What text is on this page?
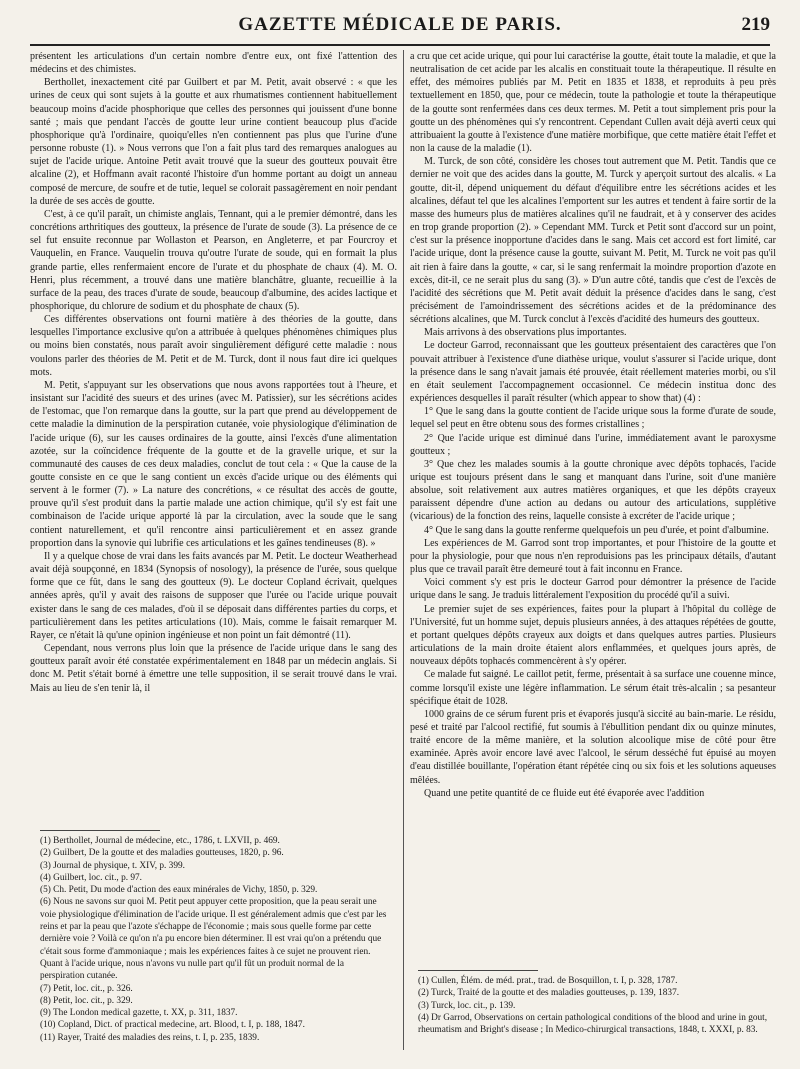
GAZETTE MÉDICALE DE PARIS.	219

présentent les articulations d'un certain nombre d'entre eux, ont fixé l'attention des médecins et des chimistes.

Berthollet, inexactement cité par Guilbert et par M. Petit, avait observé : « que les urines de ceux qui sont sujets à la goutte et aux rhumatismes contiennent habituellement beaucoup moins d'acide phosphorique que celles des personnes qui jouissent d'une bonne santé ; mais que pendant l'accès de goutte leur urine contient beaucoup plus d'acide phosphorique qu'à l'ordinaire, quoiqu'elles n'en contiennent pas plus que l'urine d'une personne robuste (1). » Nous verrons que l'on a fait plus tard des remarques analogues au sujet de l'acide urique. Antoine Petit avait trouvé que la sueur des goutteux pouvait être alcaline (2), et Hoffmann avait raconté l'histoire d'un homme portant au doigt un anneau composé de mercure, de soufre et de tutie, lequel se colorait passagèrement en noir pendant la durée de ses accès de goutte.

C'est, à ce qu'il paraît, un chimiste anglais, Tennant, qui a le premier démontré, dans les concrétions arthritiques des goutteux, la présence de l'urate de soude (3). La présence de ce sel fut ensuite reconnue par Wollaston et Pearson, en Angleterre, et par Fourcroy et Vauquelin, en France. Vauquelin trouva qu'outre l'urate de soude, qui en formait la plus grande partie, elles renfermaient encore de l'urate et du phosphate de chaux (4). M. O. Henri, plus récemment, a trouvé dans une matière blanchâtre, gluante, recueillie à la surface de la peau, des traces d'urate de soude, beaucoup d'albumine, des acides lactique et phosphorique, du chlorure de sodium et du phosphate de chaux (5).

Ces différentes observations ont fourni matière à des théories de la goutte, dans lesquelles l'importance exclusive qu'on a attribuée à quelques phénomènes chimiques plus ou moins bien constatés, nous paraît avoir singulièrement défiguré cette maladie : nous voulons parler des théories de M. Petit et de M. Turck, dont il nous faut dire ici quelques mots.

M. Petit, s'appuyant sur les observations que nous avons rapportées tout à l'heure, et insistant sur l'acidité des sueurs et des urines (avec M. Patissier), sur les sécrétions acides de l'estomac, que l'on remarque dans la goutte, sur la part que prend au développement de cette maladie la diminution de la perspiration cutanée, voie physiologique d'élimination de l'acide urique (6), sur les causes ordinaires de la goutte, ainsi l'excès d'une alimentation azotée, sur la coïncidence fréquente de la goutte et de la gravelle urique, et sur la communauté des causes de ces deux maladies, conclut de tout cela : « Que la cause de la goutte consiste en ce que le sang contient un excès d'acide urique ou des éléments qui servent à le former (7). » La nature des concrétions, « ce résultat des accès de goutte, prouve qu'il s'est produit dans la partie malade une action chimique, qu'il s'y est fait une combinaison de l'acide urique apporté là par la circulation, avec la soude que le sang contient naturellement, et qu'il rencontre ainsi particulièrement et en assez grande proportion dans la synovie qui lubrifie ces articulations et les gaînes tendineuses (8). »

Il y a quelque chose de vrai dans les faits avancés par M. Petit. Le docteur Weatherhead avait déjà soupçonné, en 1834 (Synopsis of nosology), la présence de l'urée, sous quelque forme que ce fût, dans le sang des goutteux (9). Le docteur Copland écrivait, quelques années après, qu'il y avait des raisons de supposer que l'urée ou l'acide urique pouvait exister dans le sang de ces malades, d'où il se déposait dans différentes parties du corps, et particulièrement dans les petites articulations (10). Mais, comme le faisait remarquer M. Rayer, ce n'était là qu'une opinion ingénieuse et non point un fait démontré (11).

Cependant, nous verrons plus loin que la présence de l'acide urique dans le sang des goutteux paraît avoir été constatée expérimentalement en 1848 par un médecin anglais. Si donc M. Petit s'était borné à émettre une telle supposition, il se serait trouvé dans le vrai. Mais au lieu de s'en tenir là, il

a cru que cet acide urique, qui pour lui caractérise la goutte, était toute la maladie, et que la neutralisation de cet acide par les alcalis en constituait toute la thérapeutique. Il résulte en effet, des mémoires publiés par M. Petit en 1835 et 1838, et reproduits à peu près textuellement en 1850, que, pour ce médecin, toute la pathologie et toute la thérapeutique de la goutte sont renfermées dans ces deux termes. M. Petit a tout simplement pris pour la goutte un des phénomènes qui s'y rencontrent. Cependant Cullen avait déjà averti ceux qui attribuaient la goutte à l'existence d'une matière morbifique, que cette matière était l'effet et non la cause de la maladie (1).

M. Turck, de son côté, considère les choses tout autrement que M. Petit. Tandis que ce dernier ne voit que des acides dans la goutte, M. Turck y aperçoit surtout des alcalis. « La goutte, dit-il, dépend uniquement du défaut d'équilibre entre les sécrétions acides et les alcalines, défaut tel que les alcalines l'emportent sur les autres et tendent à faire sortir de la masse des humeurs plus de matières alcalines qu'il ne faudrait, et à y conserver des acides en trop grande proportion (2). » Cependant MM. Turck et Petit sont d'accord sur un point, c'est sur la présence inopportune d'acides dans le sang. Mais cet accord est fort limité, car l'acide urique, dont la présence cause la goutte, suivant M. Petit, M. Turck ne voit pas qu'il ait rien à faire dans la goutte, « car, si le sang renfermait la moindre proportion d'azote en excès, dit-il, ce ne serait plus du sang (3). » D'un autre côté, tandis que c'est de l'excès de l'acidité des sécrétions que M. Petit avait déduit la présence d'acides dans le sang, c'est précisément de l'amoindrissement des sécrétions acides et de la prédominance des sécrétions alcalines, que M. Turck conclut à l'excès d'acidité des humeurs des goutteux.

Mais arrivons à des observations plus importantes.

Le docteur Garrod, reconnaissant que les goutteux présentaient des caractères que l'on pouvait attribuer à l'existence d'une diathèse urique, voulut s'assurer si l'acide urique, dont la présence dans le sang n'avait jamais été prouvée, était réellement materies morbi, ou s'il en était seulement l'accompagnement occasionnel. Ce médecin institua donc des expériences desquelles il paraît résulter (which appear to show that) (4) :

1° Que le sang dans la goutte contient de l'acide urique sous la forme d'urate de soude, lequel sel peut en être obtenu sous des formes cristallines ;

2° Que l'acide urique est diminué dans l'urine, immédiatement avant le paroxysme goutteux ;

3° Que chez les malades soumis à la goutte chronique avec dépôts tophacés, l'acide urique est toujours présent dans le sang et manquant dans l'urine, soit d'une manière absolue, soit relativement aux autres matières organiques, et que les dépôts crayeux paraissent dépendre d'une action au dedans ou autour des articulations, supplétive (vicarious) de la fonction des reins, laquelle consiste à excréter de l'acide urique ;

4° Que le sang dans la goutte renferme quelquefois un peu d'urée, et point d'albumine.

Les expériences de M. Garrod sont trop importantes, et pour l'histoire de la goutte et pour la physiologie, pour que nous n'en reproduisions pas les principaux détails, d'autant plus que ce travail paraît être demeuré tout à fait inconnu en France.

Voici comment s'y est pris le docteur Garrod pour démontrer la présence de l'acide urique dans le sang. Je traduis littéralement l'exposition du procédé qu'il a suivi.

Le premier sujet de ses expériences, faites pour la plupart à l'hôpital du collège de l'Université, fut un homme sujet, depuis plusieurs années, à des attaques répétées de goutte, et portant quelques dépôts crayeux aux doigts et dans quelques autres parties. Plusieurs articulations de la main droite étaient alors enflammées, et quelques jours après, de nouveaux dépôts tophacés commencèrent à s'y opérer.

Ce malade fut saigné. Le caillot petit, ferme, présentait à sa surface une couenne mince, comme lorsqu'il existe une légère inflammation. Le sérum était très-alcalin ; sa pesanteur spécifique était de 1028.

1000 grains de ce sérum furent pris et évaporés jusqu'à siccité au bain-marie. Le résidu, pesé et traité par l'alcool rectifié, fut soumis à l'ébullition pendant dix ou quinze minutes, traité encore de la même manière, et la solution alcoolique mise de côté pour être examinée. Après avoir encore lavé avec l'alcool, le sérum desséché fut épuisé au moyen d'eau distillée bouillante, l'opération étant répétée cinq ou six fois et les solutions aqueuses mêlées.

Quand une petite quantité de ce fluide eut été évaporée avec l'addition

(1) Berthollet, Journal de médecine, etc., 1786, t. LXVII, p. 469.
(2) Guilbert, De la goutte et des maladies goutteuses, 1820, p. 96.
(3) Journal de physique, t. XIV, p. 399.
(4) Guilbert, loc. cit., p. 97.
(5) Ch. Petit, Du mode d'action des eaux minérales de Vichy, 1850, p. 329.
(6) Nous ne savons sur quoi M. Petit peut appuyer cette proposition, que la peau serait une voie physiologique d'élimination de l'acide urique. Il est généralement admis que c'est par les reins et par la peau que l'azote s'échappe de l'économie ; mais sous quelle forme par cette dernière voie ? Voilà ce qu'on n'a pu encore bien déterminer. Il est vrai qu'on a prétendu que c'était sous forme d'ammoniaque ; mais les expériences faites à ce sujet ne prouvent rien. Quant à l'acide urique, nous n'avons vu nulle part qu'il fût un produit normal de la perspiration cutanée.
(7) Petit, loc. cit., p. 326.
(8) Petit, loc. cit., p. 329.
(9) The London medical gazette, t. XX, p. 311, 1837.
(10) Copland, Dict. of practical medecine, art. Blood, t. I, p. 188, 1847.
(11) Rayer, Traité des maladies des reins, t. I, p. 235, 1839.
(1) Cullen, Élém. de méd. prat., trad. de Bosquillon, t. I, p. 328, 1787.
(2) Turck, Traité de la goutte et des maladies goutteuses, p. 139, 1837.
(3) Turck, loc. cit., p. 139.
(4) Dr Garrod, Observations on certain pathological conditions of the blood and urine in gout, rheumatism and Bright's disease ; In Medico-chirurgical transactions, 1848, t. XXXI, p. 83.
